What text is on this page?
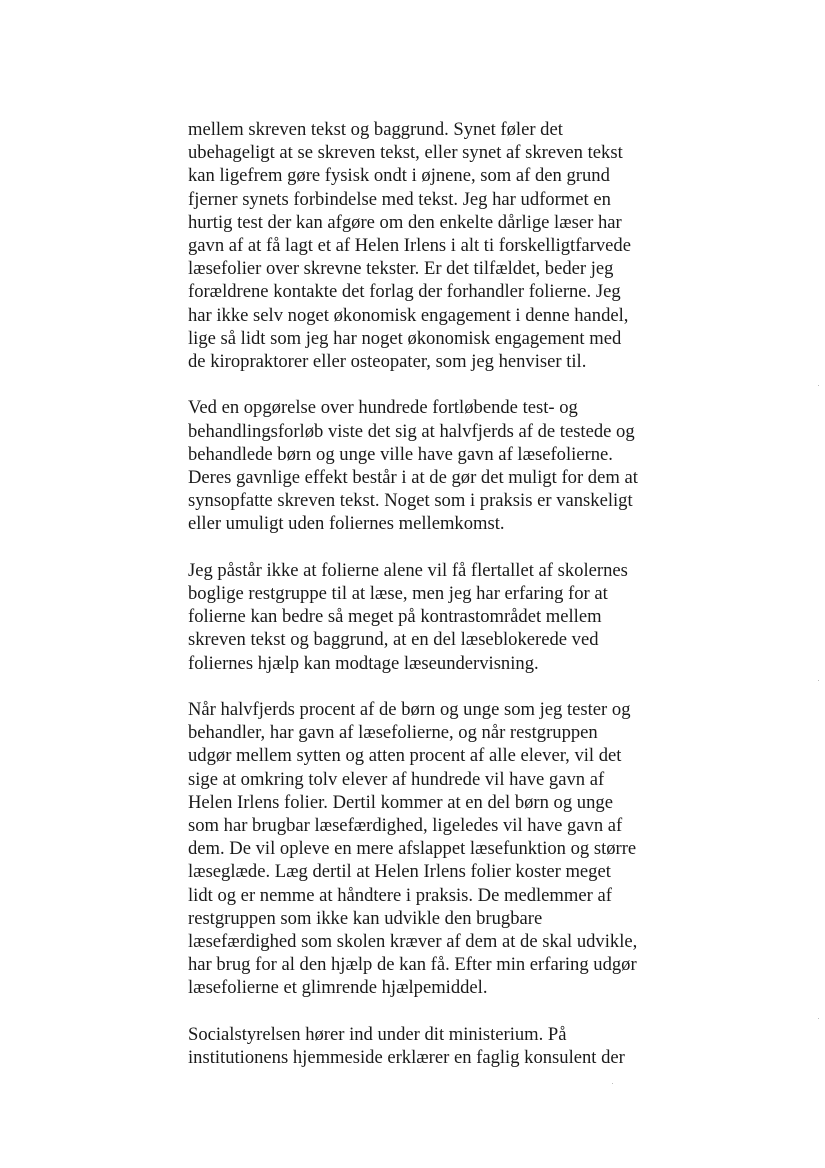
mellem skreven tekst og baggrund. Synet føler det
ubehageligt at se skreven tekst, eller synet af skreven tekst
kan ligefrem gøre fysisk ondt i øjnene, som af den grund
fjerner synets forbindelse med tekst. Jeg har udformet en
hurtig test der kan afgøre om den enkelte dårlige læser har
gavn af at få lagt et af Helen Irlens i alt ti forskelligtfarvede
læsefolier over skrevne tekster. Er det tilfældet, beder jeg
forældrene kontakte det forlag der forhandler folierne. Jeg
har ikke selv noget økonomisk engagement i denne handel,
lige så lidt som jeg har noget økonomisk engagement med
de kiropraktorer eller osteopater, som jeg henviser til.

Ved en opgørelse over hundrede fortløbende test- og
behandlingsforløb viste det sig at halvfjerds af de testede og
behandlede børn og unge ville have gavn af læsefolierne.
Deres gavnlige effekt består i at de gør det muligt for dem at
synsopfatte skreven tekst. Noget som i praksis er vanskeligt
eller umuligt uden foliernes mellemkomst.

Jeg påstår ikke at folierne alene vil få flertallet af skolernes
boglige restgruppe til at læse, men jeg har erfaring for at
folierne kan bedre så meget på kontrastområdet mellem
skreven tekst og baggrund, at en del læseblokerede ved
foliernes hjælp kan modtage læseundervisning.

Når halvfjerds procent af de børn og unge som jeg tester og
behandler, har gavn af læsefolierne, og når restgruppen
udgør mellem sytten og atten procent af alle elever, vil det
sige at omkring tolv elever af hundrede vil have gavn af
Helen Irlens folier. Dertil kommer at en del børn og unge
som har brugbar læsefærdighed, ligeledes vil have gavn af
dem. De vil opleve en mere afslappet læsefunktion og større
læseglæde. Læg dertil at Helen Irlens folier koster meget
lidt og er nemme at håndtere i praksis. De medlemmer af
restgruppen som ikke kan udvikle den brugbare
læsefærdighed som skolen kræver af dem at de skal udvikle,
har brug for al den hjælp de kan få. Efter min erfaring udgør
læsefolierne et glimrende hjælpemiddel.

Socialstyrelsen hører ind under dit ministerium. På
institutionens hjemmeside erklærer en faglig konsulent der
